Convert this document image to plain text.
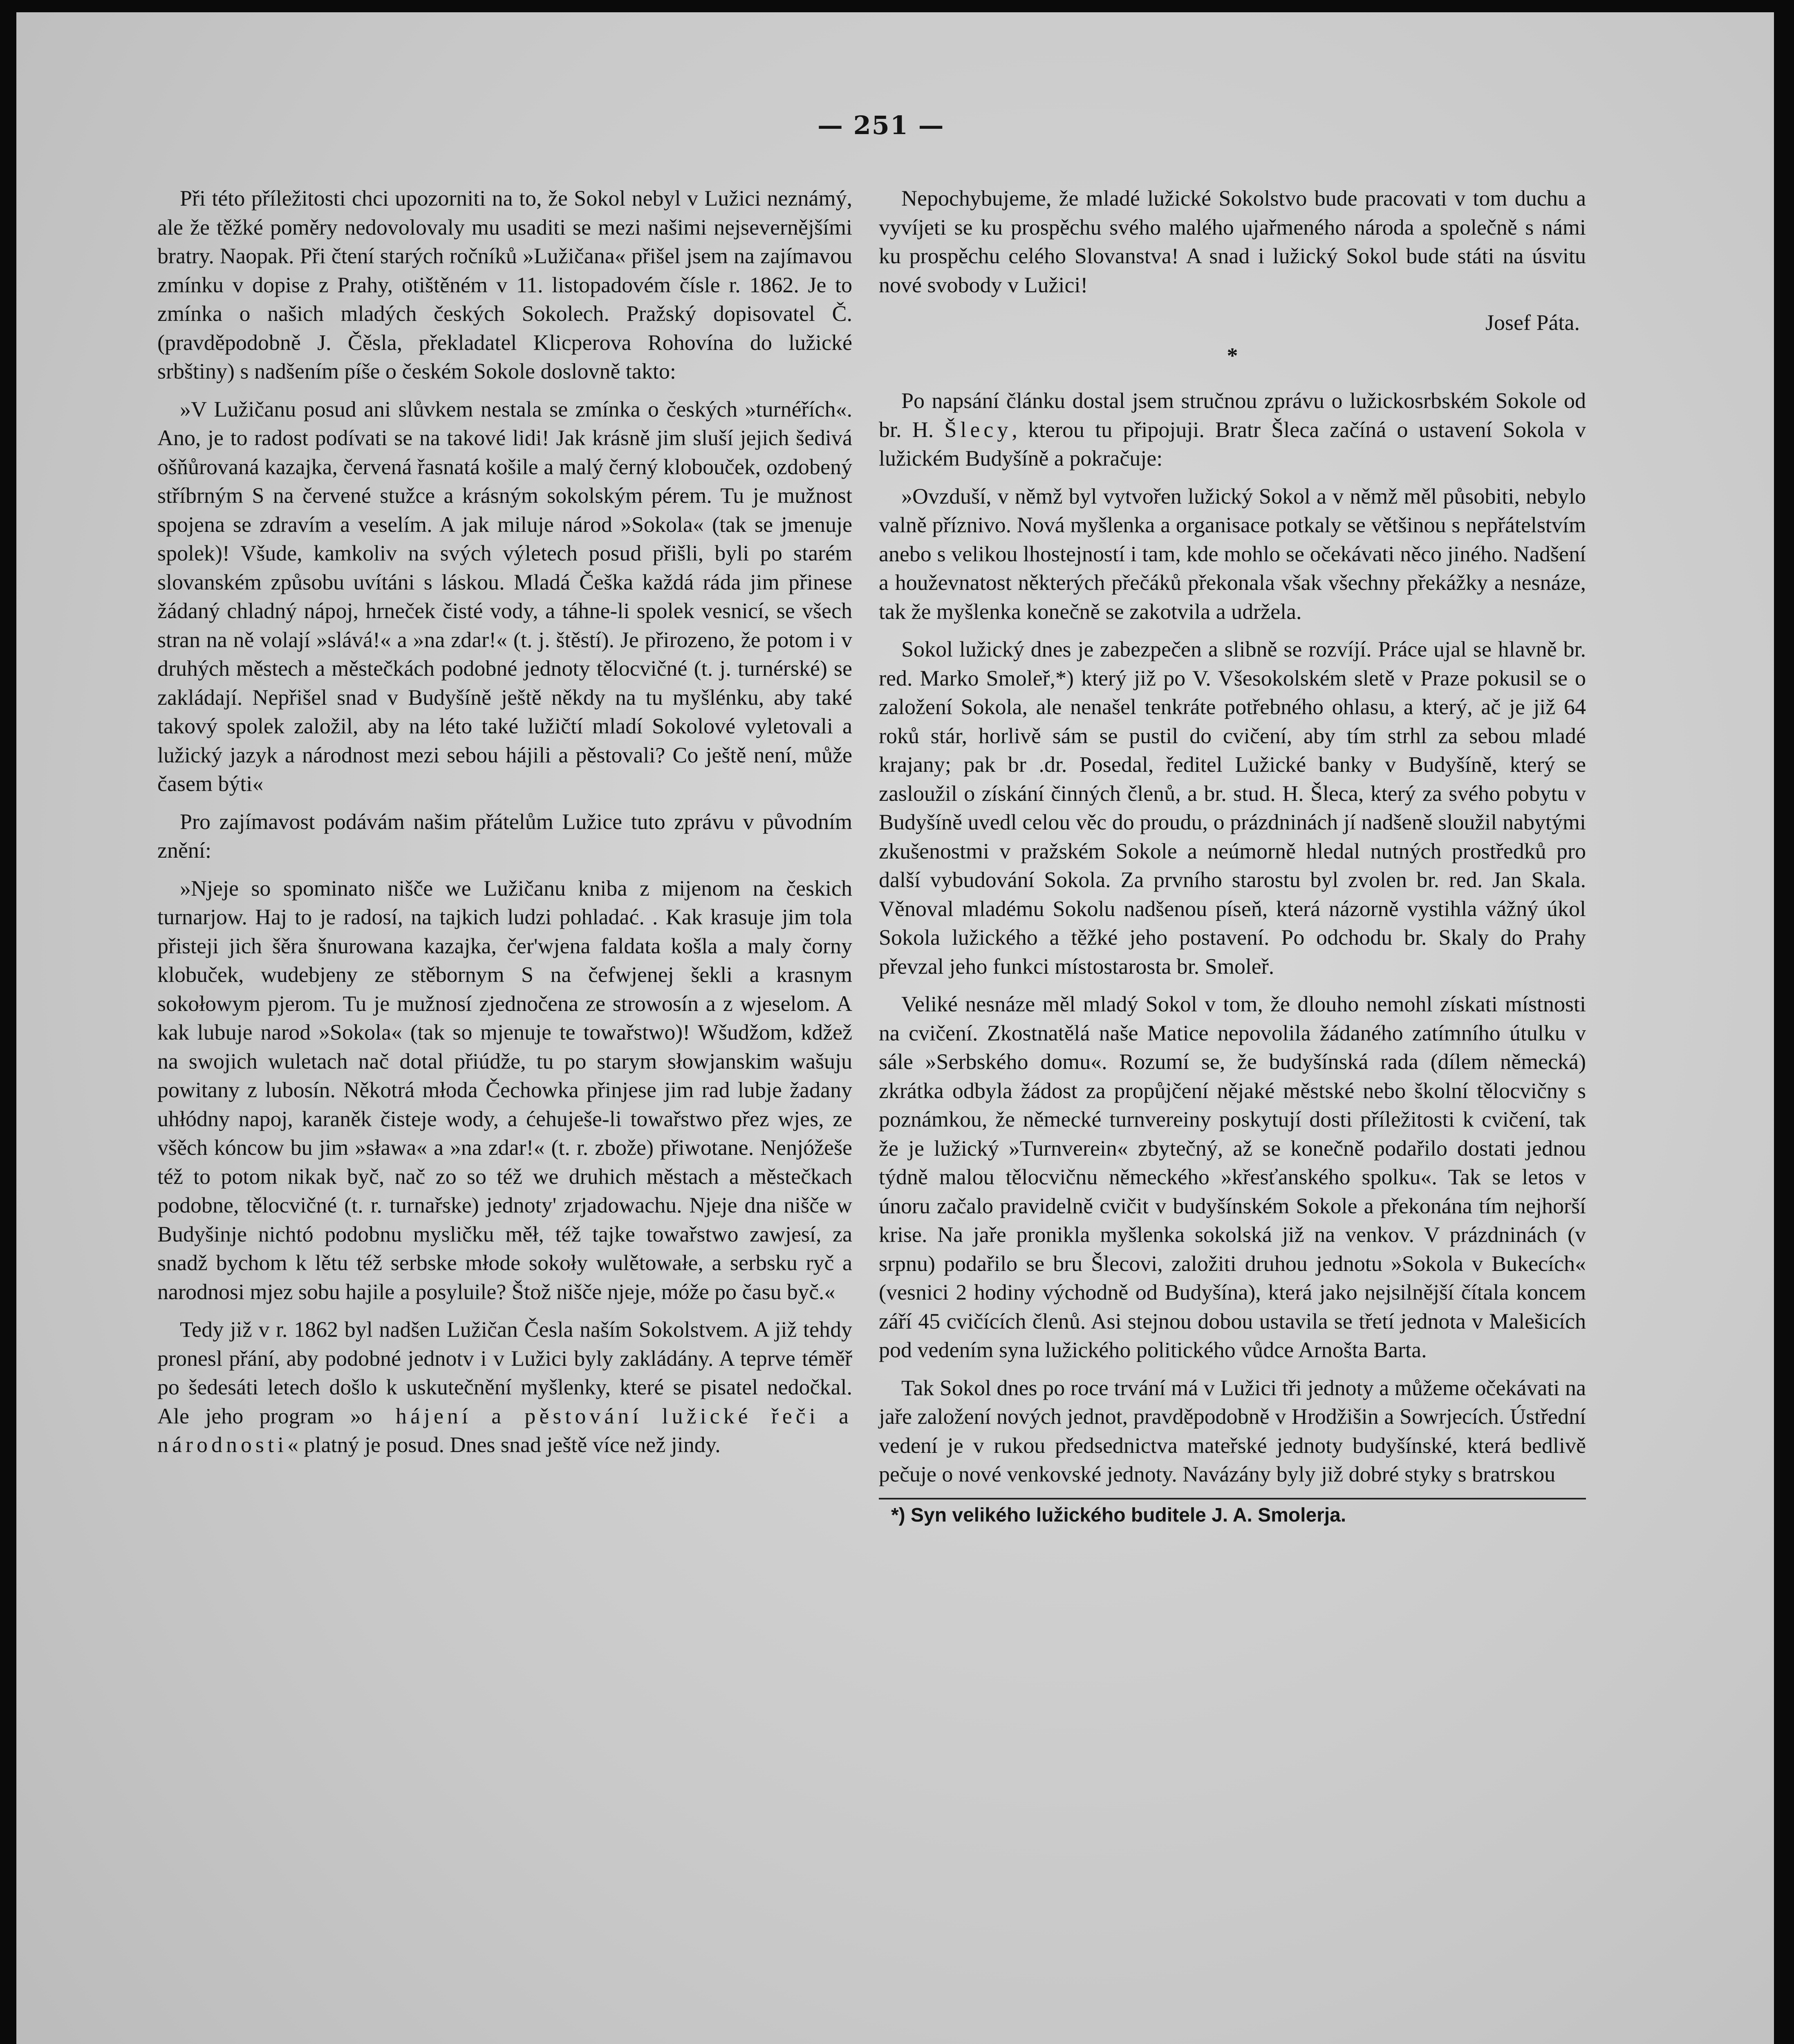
— 251 —

Při této příležitosti chci upozorniti na to, že Sokol nebyl v Lužici neznámý, ale že těžké poměry nedovolovaly mu usaditi se mezi našimi nejsevernějšími bratry. Naopak. Při čtení starých ročníků »Lužičana« přišel jsem na zajímavou zmínku v dopise z Prahy, otištěném v 11. listopadovém čísle r. 1862. Je to zmínka o našich mladých českých Sokolech. Pražský dopisovatel Č. (pravděpodobně J. Čěsla, překladatel Klicperova Rohovína do lužické srbštiny) s nadšením píše o českém Sokole doslovně takto:

»V Lužičanu posud ani slůvkem nestala se zmínka o českých »turnéřích«. Ano, je to radost podívati se na takové lidi! Jak krásně jim sluší jejich šedivá ošňůrovaná kazajka, červená řasnatá košile a malý černý klobouček, ozdobený stříbrným S na červené stužce a krásným sokolským pérem. Tu je mužnost spojena se zdravím a veselím. A jak miluje národ »Sokola« (tak se jmenuje spolek)! Všude, kamkoliv na svých výletech posud přišli, byli po starém slovanském způsobu uvítáni s láskou. Mladá Češka každá ráda jim přinese žádaný chladný nápoj, hrneček čisté vody, a táhne-li spolek vesnicí, se všech stran na ně volají »slává!« a »na zdar!« (t. j. štěstí). Je přirozeno, že potom i v druhých městech a městečkách podobné jednoty tělocvičné (t. j. turnérské) se zakládají. Nepřišel snad v Budyšíně ještě někdy na tu myšlénku, aby také takový spolek založil, aby na léto také lužičtí mladí Sokolové vyletovali a lužický jazyk a národnost mezi sebou hájili a pěstovali? Co ještě není, může časem býti«

Pro zajímavost podávám našim přátelům Lužice tuto zprávu v původním znění:

»Njeje so spominato nišče we Lužičanu kniba z mijenom na českich turnarjow. Haj to je radosí, na tajkich ludzi pohladać. . Kak krasuje jim tola přisteji jich šěra šnurowana kazajka, čer'wjena faldata košla a maly čorny klobuček, wudebjeny ze stěbornym S na čefwjenej šekli a krasnym sokołowym pjerom. Tu je mužnosí zjednočena ze strowosín a z wjeselom. A kak lubuje narod »Sokola« (tak so mjenuje te towařstwo)! Wšudžom, kdžež na swojich wuletach nač dotal přiúdže, tu po starym słowjanskim wašuju powitany z lubosín. Někotrá młoda Čechowka přinjese jim rad lubje žadany uhłódny napoj, karaněk čisteje wody, a ćehuješe-li towařstwo přez wjes, ze všěch kóncow bu jim »sława« a »na zdar!« (t. r. zbože) přiwotane. Nenjóžeše též to potom nikak byč, nač zo so též we druhich městach a městečkach podobne, tělocvičné (t. r. turnařske) jednoty' zrjadowachu. Njeje dna nišče w Budyšinje nichtó podobnu mysličku měł, též tajke towařstwo zawjesí, za snadž bychom k lětu též serbske młode sokoły wulětowałe, a serbsku ryč a narodnosi mjez sobu hajile a posyluile? Štož nišče njeje, móže po času byč.«

Tedy již v r. 1862 byl nadšen Lužičan Česla naším Sokolstvem. A již tehdy pronesl přání, aby podobné jednotv i v Lužici byly zakládány. A teprve téměř po šedesáti letech došlo k uskutečnění myšlenky, které se pisatel nedočkal. Ale jeho program »o hájení a pěstování lužické řeči a národnosti« platný je posud. Dnes snad ještě více než jindy.

Nepochybujeme, že mladé lužické Sokolstvo bude pracovati v tom duchu a vyvíjeti se ku prospěchu svého malého ujařmeného národa a společně s námi ku prospěchu celého Slovanstva! A snad i lužický Sokol bude státi na úsvitu nové svobody v Lužici!

Josef Páta.
*

Po napsání článku dostal jsem stručnou zprávu o lužickosrbském Sokole od br. H. Šlecy, kterou tu připojuji. Bratr Šleca začíná o ustavení Sokola v lužickém Budyšíně a pokračuje:

»Ovzduší, v němž byl vytvořen lužický Sokol a v němž měl působiti, nebylo valně příznivo. Nová myšlenka a organisace potkaly se většinou s nepřátelstvím anebo s velikou lhostejností i tam, kde mohlo se očekávati něco jiného. Nadšení a houževnatost některých přečáků překonala však všechny překážky a nesnáze, tak že myšlenka konečně se zakotvila a udržela.

Sokol lužický dnes je zabezpečen a slibně se rozvíjí. Práce ujal se hlavně br. red. Marko Smoleř,*) který již po V. Všesokolském sletě v Praze pokusil se o založení Sokola, ale nenašel tenkráte potřebného ohlasu, a který, ač je již 64 roků stár, horlivě sám se pustil do cvičení, aby tím strhl za sebou mladé krajany; pak br .dr. Posedal, ředitel Lužické banky v Budyšíně, který se zasloužil o získání činných členů, a br. stud. H. Šleca, který za svého pobytu v Budyšíně uvedl celou věc do proudu, o prázdninách jí nadšeně sloužil nabytými zkušenostmi v pražském Sokole a neúmorně hledal nutných prostředků pro další vybudování Sokola. Za prvního starostu byl zvolen br. red. Jan Skala. Věnoval mladému Sokolu nadšenou píseň, která názorně vystihla vážný úkol Sokola lužického a těžké jeho postavení. Po odchodu br. Skaly do Prahy převzal jeho funkci místostarosta br. Smoleř.

Veliké nesnáze měl mladý Sokol v tom, že dlouho nemohl získati místnosti na cvičení. Zkostnatělá naše Matice nepovolila žádaného zatímního útulku v sále »Serbského domu«. Rozumí se, že budyšínská rada (dílem německá) zkrátka odbyla žádost za propůjčení nějaké městské nebo školní tělocvičny s poznámkou, že německé turnvereiny poskytují dosti příležitosti k cvičení, tak že je lužický »Turnverein« zbytečný, až se konečně podařilo dostati jednou týdně malou tělocvičnu německého »křesťanského spolku«. Tak se letos v únoru začalo pravidelně cvičit v budyšínském Sokole a překonána tím nejhorší krise. Na jaře pronikla myšlenka sokolská již na venkov. V prázdninách (v srpnu) podařilo se bru Šlecovi, založiti druhou jednotu »Sokola v Bukecích« (vesnici 2 hodiny východně od Budyšína), která jako nejsilnější čítala koncem září 45 cvičících členů. Asi stejnou dobou ustavila se třetí jednota v Malešicích pod vedením syna lužického politického vůdce Arnošta Barta.

Tak Sokol dnes po roce trvání má v Lužici tři jednoty a můžeme očekávati na jaře založení nových jednot, pravděpodobně v Hrodžišin a Sowrjecích. Ústřední vedení je v rukou předsednictva mateřské jednoty budyšínské, která bedlivě pečuje o nové venkovské jednoty. Navázány byly již dobré styky s bratrskou

*) Syn velikého lužického buditele J. A. Smolerja.
